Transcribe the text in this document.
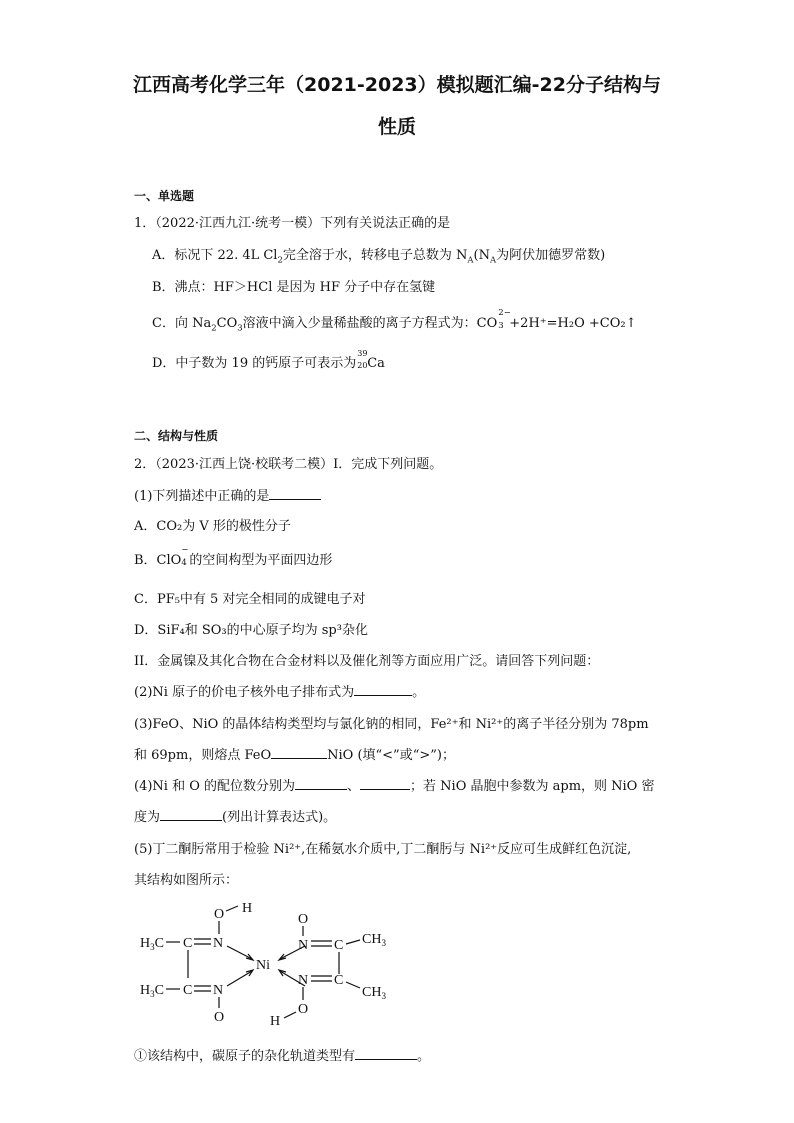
江西高考化学三年（2021-2023）模拟题汇编-22分子结构与
性质
一、单选题
1．（2022·江西九江·统考一模）下列有关说法正确的是
A．标况下 22. 4L $Cl_2$完全溶于水，转移电子总数为 $N_A(N_A$为阿伏加德罗常数)
B．沸点：HF＞HCl 是因为 HF 分子中存在氢键
C．向 $Na_2CO_3$溶液中滴入少量稀盐酸的离子方程式为：CO
2−
3 +2H⁺=H₂O +CO₂↑
D．中子数为 19 的钙原子可表示为
39
20 Ca
二、结构与性质
2．（2023·江西上饶·校联考二模）I．完成下列问题。
(1)下列描述中正确的是
A．CO₂为 V 形的极性分子
B．ClO
−
4 的空间构型为平面四边形
C．PF₅中有 5 对完全相同的成键电子对
D．SiF₄和 SO₃的中心原子均为 sp³杂化
II．金属镍及其化合物在合金材料以及催化剂等方面应用广泛。请回答下列问题：
(2)Ni 原子的价电子核外电子排布式为	。
(3)FeO、NiO 的晶体结构类型均与氯化钠的相同，Fe²⁺和 Ni²⁺的离子半径分别为 78pm
和 69pm，则熔点 FeO	NiO (填“<”或“>”)；
(4)Ni 和 O 的配位数分别为	、	；若 NiO 晶胞中参数为 apm，则 NiO 密
度为	(列出计算表达式)。
(5)丁二酮肟常用于检验 Ni²⁺,在稀氨水介质中,丁二酮肟与 Ni²⁺反应可生成鲜红色沉淀,
其结构如图所示：
O H
$H_3C$ C N
$H_3C$ C N
O
Ni
O
N C $CH_3$
N C
$CH_3$
O
H
①该结构中，碳原子的杂化轨道类型有	。
